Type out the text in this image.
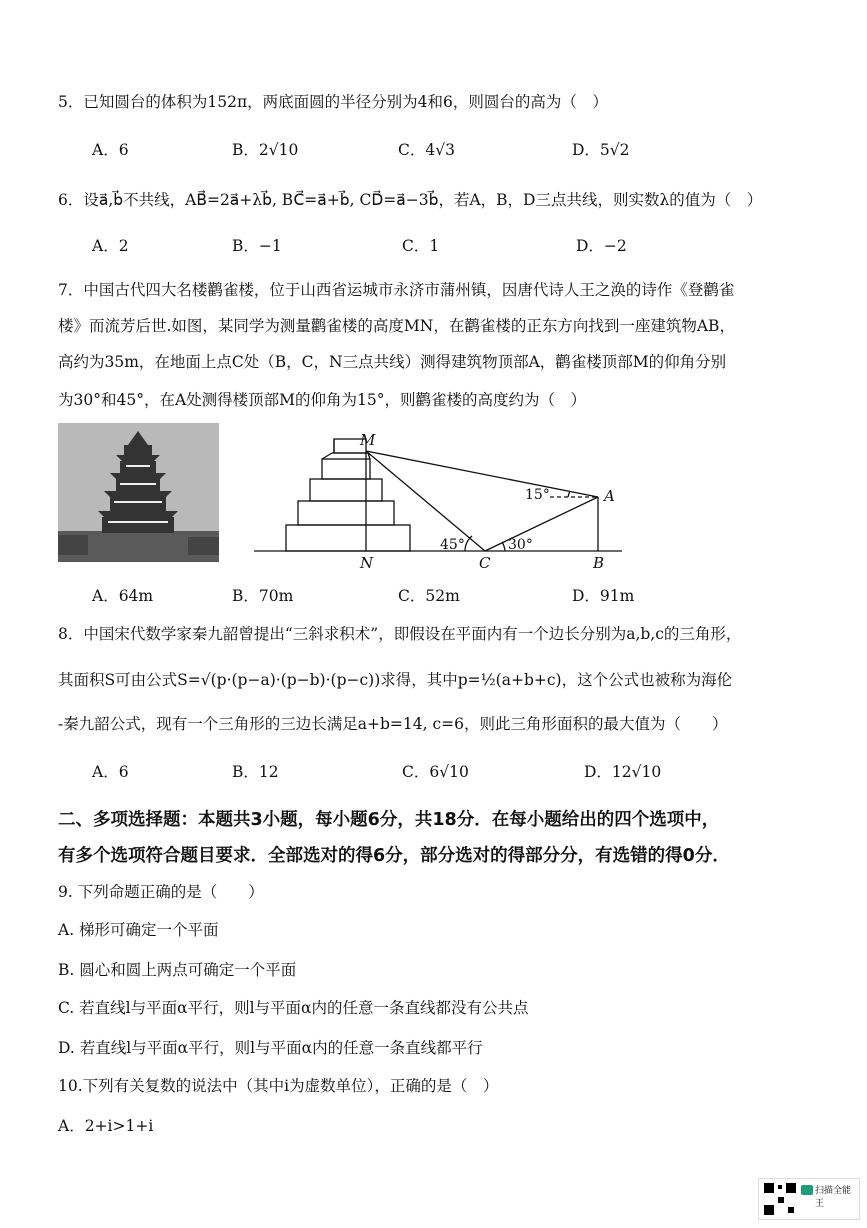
5．已知圆台的体积为152π，两底面圆的半径分别为4和6，则圆台的高为（　）
A．6	B．2√10	C．4√3	D．5√2
6．设a⃗,b⃗不共线，AB⃗=2a⃗+λb⃗, BC⃗=a⃗+b⃗, CD⃗=a⃗−3b⃗，若A，B，D三点共线，则实数λ的值为（　）
A．2	B．−1	C．1	D．−2
7．中国古代四大名楼鹳雀楼，位于山西省运城市永济市蒲州镇，因唐代诗人王之涣的诗作《登鹳雀
楼》而流芳后世.如图，某同学为测量鹳雀楼的高度MN，在鹳雀楼的正东方向找到一座建筑物AB，
高约为35m，在地面上点C处（B，C，N三点共线）测得建筑物顶部A，鹳雀楼顶部M的仰角分别
为30°和45°，在A处测得楼顶部M的仰角为15°，则鹳雀楼的高度约为（　）
M
A
N	C	B
15°
45°	30°
A．64m	B．70m	C．52m	D．91m
8．中国宋代数学家秦九韶曾提出“三斜求积术”，即假设在平面内有一个边长分别为a,b,c的三角形，
其面积S可由公式S=√(p·(p−a)·(p−b)·(p−c))求得，其中p=½(a+b+c)，这个公式也被称为海伦
-秦九韶公式，现有一个三角形的三边长满足a+b=14, c=6，则此三角形面积的最大值为（　　）
A．6	B．12	C．6√10	D．12√10
二、多项选择题：本题共3小题，每小题6分，共18分．在每小题给出的四个选项中，
有多个选项符合题目要求．全部选对的得6分，部分选对的得部分分，有选错的得0分．
9. 下列命题正确的是（　　）
A. 梯形可确定一个平面
B. 圆心和圆上两点可确定一个平面
C. 若直线l与平面α平行，则l与平面α内的任意一条直线都没有公共点
D. 若直线l与平面α平行，则l与平面α内的任意一条直线都平行
10.下列有关复数的说法中（其中i为虚数单位），正确的是（　）
A．2+i>1+i
扫描全能王
